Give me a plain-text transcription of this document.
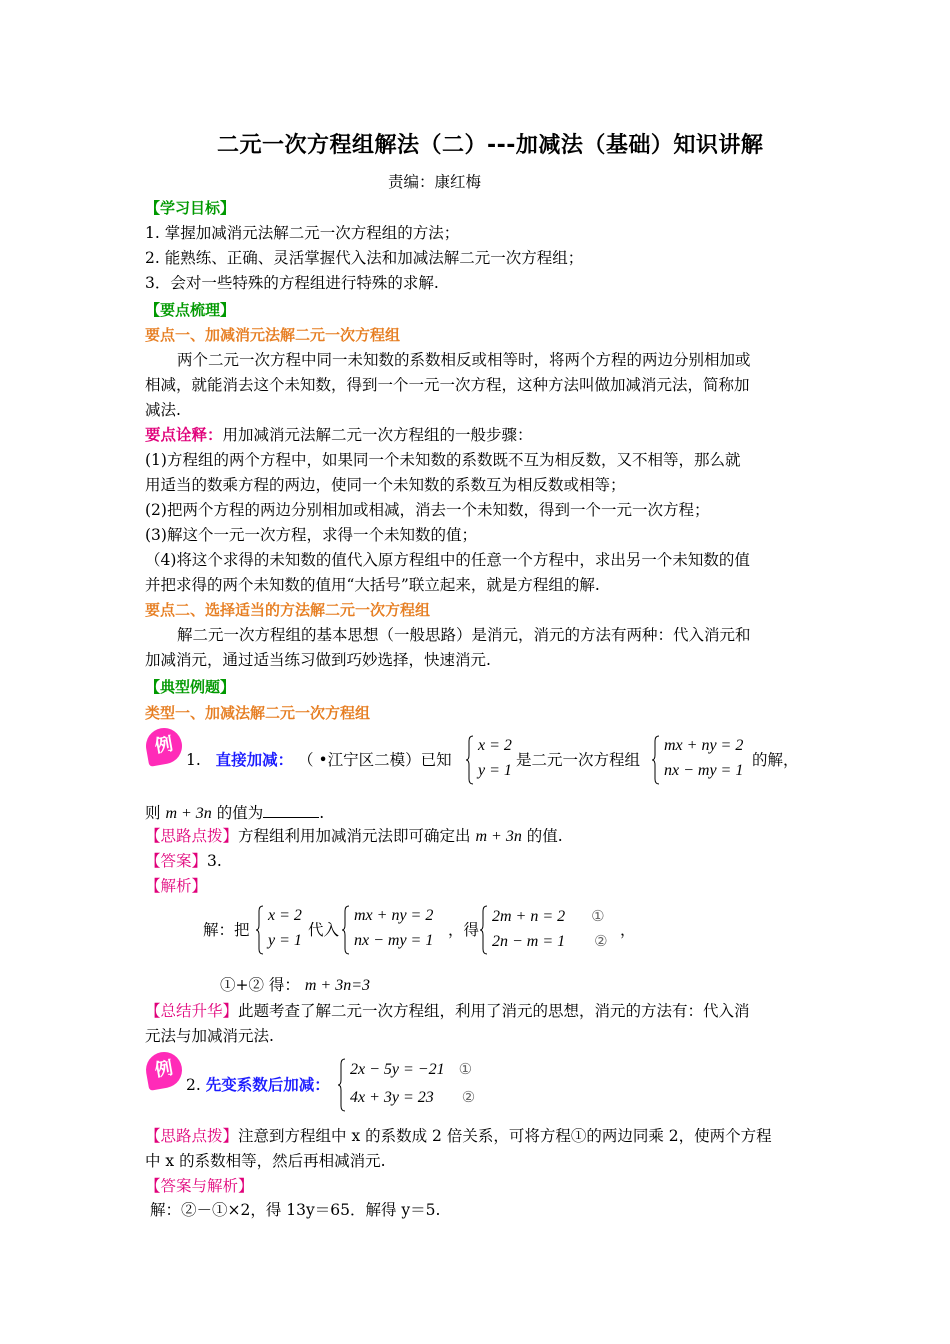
二元一次方程组解法（二）---加减法（基础）知识讲解
责编：康红梅
【学习目标】
1. 掌握加减消元法解二元一次方程组的方法；
2. 能熟练、正确、灵活掌握代入法和加减法解二元一次方程组；
3．会对一些特殊的方程组进行特殊的求解.
【要点梳理】
要点一、加减消元法解二元一次方程组
两个二元一次方程中同一未知数的系数相反或相等时，将两个方程的两边分别相加或
相减，就能消去这个未知数，得到一个一元一次方程，这种方法叫做加减消元法，简称加
减法.
要点诠释：用加减消元法解二元一次方程组的一般步骤：
(1)方程组的两个方程中，如果同一个未知数的系数既不互为相反数，又不相等，那么就
用适当的数乘方程的两边，使同一个未知数的系数互为相反数或相等；
(2)把两个方程的两边分别相加或相减，消去一个未知数，得到一个一元一次方程；
(3)解这个一元一次方程，求得一个未知数的值；
（4)将这个求得的未知数的值代入原方程组中的任意一个方程中，求出另一个未知数的值
并把求得的两个未知数的值用“大括号”联立起来，就是方程组的解.
要点二、选择适当的方法解二元一次方程组
解二元一次方程组的基本思想（一般思路）是消元，消元的方法有两种：代入消元和
加减消元，通过适当练习做到巧妙选择，快速消元.
【典型例题】
类型一、加减法解二元一次方程组
例
1. 直接加减： （ •江宁区二模）已知
x = 2
y = 1
是二元一次方程组
mx + ny = 2
nx − my = 1
的解，
则 m + 3n 的值为	.
【思路点拨】方程组利用加减消元法即可确定出 m + 3n 的值.
【答案】3.
【解析】
解：把
x = 2
y = 1
代入
mx + ny = 2
nx − my = 1
，得
2m + n = 2 ①
2n − m = 1 ②
，
①+② 得： m + 3n=3
【总结升华】此题考查了解二元一次方程组，利用了消元的思想，消元的方法有：代入消
元法与加减消元法.
例
2. 先变系数后加减：
2x − 5y = −21 ①
4x + 3y = 23 ②
【思路点拨】注意到方程组中 x 的系数成 2 倍关系，可将方程①的两边同乘 2，使两个方程
中 x 的系数相等，然后再相减消元.
【答案与解析】
解：②－①×2，得 13y＝65．解得 y＝5.
